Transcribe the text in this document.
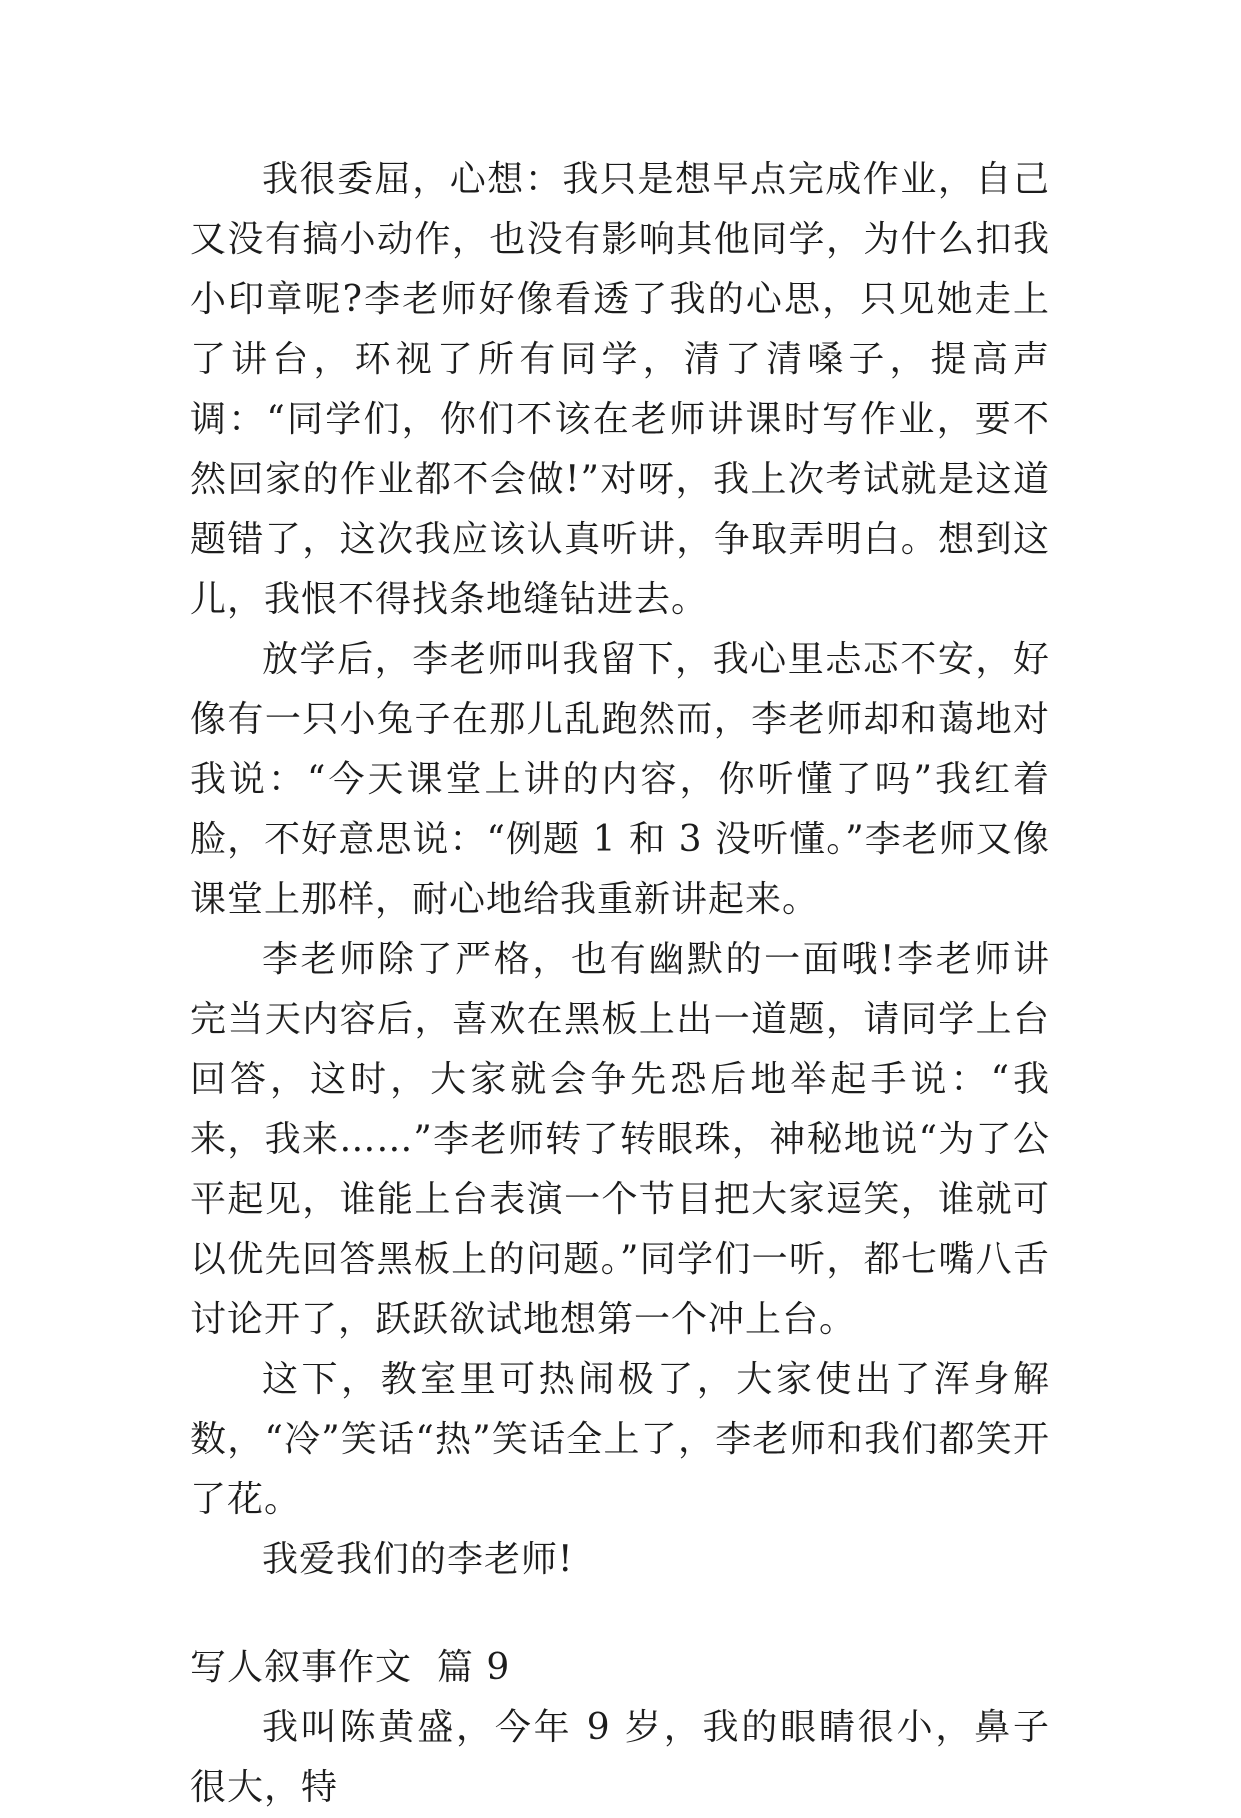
我很委屈，心想：我只是想早点完成作业，自己又没有搞小动作，也没有影响其他同学，为什么扣我小印章呢?李老师好像看透了我的心思，只见她走上了讲台，环视了所有同学，清了清嗓子，提高声调：“同学们，你们不该在老师讲课时写作业，要不然回家的作业都不会做!”对呀，我上次考试就是这道题错了，这次我应该认真听讲，争取弄明白。想到这儿，我恨不得找条地缝钻进去。

放学后，李老师叫我留下，我心里忐忑不安，好像有一只小兔子在那儿乱跑然而，李老师却和蔼地对我说：“今天课堂上讲的内容，你听懂了吗”我红着脸，不好意思说：“例题 1 和 3 没听懂。”李老师又像课堂上那样，耐心地给我重新讲起来。

李老师除了严格，也有幽默的一面哦!李老师讲完当天内容后，喜欢在黑板上出一道题，请同学上台回答，这时，大家就会争先恐后地举起手说：“我来，我来……”李老师转了转眼珠，神秘地说“为了公平起见，谁能上台表演一个节目把大家逗笑，谁就可以优先回答黑板上的问题。”同学们一听，都七嘴八舌讨论开了，跃跃欲试地想第一个冲上台。

这下，教室里可热闹极了，大家使出了浑身解数，“冷”笑话“热”笑话全上了，李老师和我们都笑开了花。

我爱我们的李老师!

写人叙事作文  篇 9

我叫陈黄盛，今年 9 岁，我的眼睛很小，鼻子很大，特
